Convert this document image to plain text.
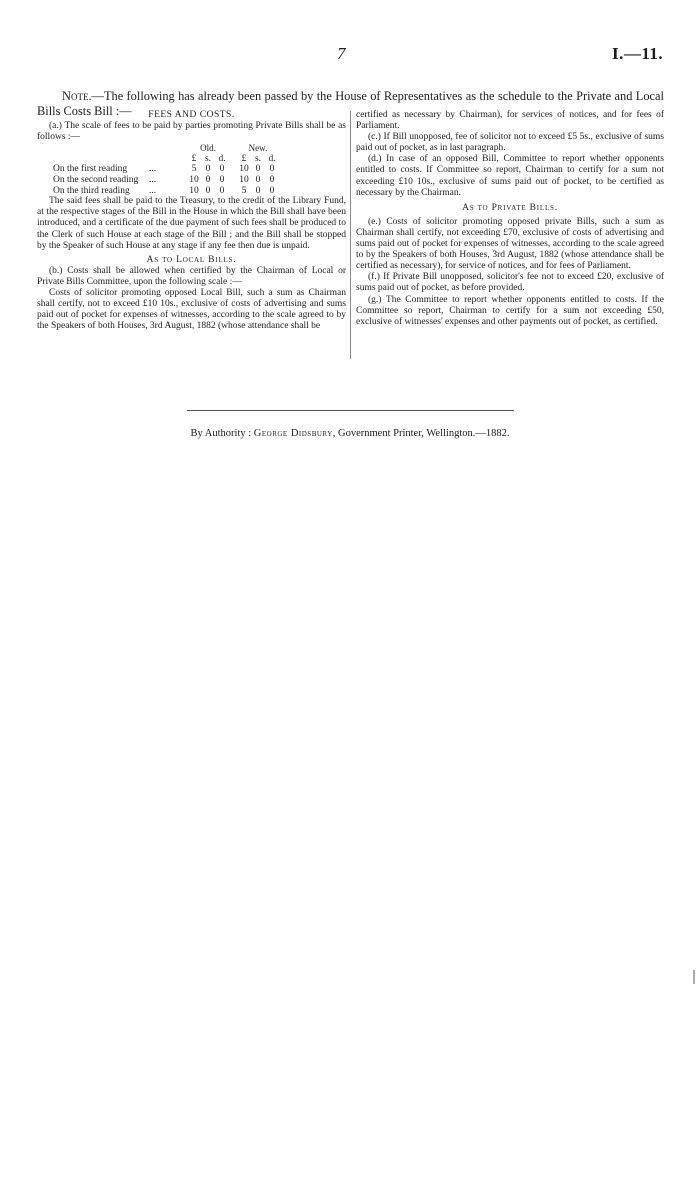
7	I.—11.

Note.—The following has already been passed by the House of Representatives as the schedule to the Private and Local Bills Costs Bill :—	FEES AND COSTS.

(a.) The scale of fees to be paid by parties promoting Private Bills shall be as follows :—

		Old.				New.		
		£	s.	d.		£	s.	d.
On the first reading	...	5	0	0		10	0	0
On the second reading	...	10	0	0		10	0	0
On the third reading	...	10	0	0		5	0	0

The said fees shall be paid to the Treasury, to the credit of the Library Fund, at the respective stages of the Bill in the House in which the Bill shall have been introduced, and a certificate of the due payment of such fees shall be produced to the Clerk of such House at each stage of the Bill ; and the Bill shall be stopped by the Speaker of such House at any stage if any fee then due is unpaid.

As to Local Bills.

(b.) Costs shall be allowed when certified by the Chairman of Local or Private Bills Committee, upon the following scale :—

Costs of solicitor promoting opposed Local Bill, such a sum as Chairman shall certify, not to exceed £10 10s., exclusive of costs of advertising and sums paid out of pocket for expenses of witnesses, according to the scale agreed to by the Speakers of both Houses, 3rd August, 1882 (whose attendance shall be

certified as necessary by Chairman), for services of notices, and for fees of Parliament.

(c.) If Bill unopposed, fee of solicitor not to exceed £5 5s., exclusive of sums paid out of pocket, as in last paragraph.

(d.) In case of an opposed Bill, Committee to report whether opponents entitled to costs. If Committee so report, Chairman to certify for a sum not exceeding £10 10s., exclusive of sums paid out of pocket, to be certified as necessary by the Chairman.

As to Private Bills.

(e.) Costs of solicitor promoting opposed private Bills, such a sum as Chairman shall certify, not exceeding £70, exclusive of costs of advertising and sums paid out of pocket for expenses of witnesses, according to the scale agreed to by the Speakers of both Houses, 3rd August, 1882 (whose attendance shall be certified as necessary), for service of notices, and for fees of Parliament.

(f.) If Private Bill unopposed, solicitor's fee not to exceed £20, exclusive of sums paid out of pocket, as before provided.

(g.) The Committee to report whether opponents entitled to costs. If the Committee so report, Chairman to certify for a sum not exceeding £50, exclusive of witnesses' expenses and other payments out of pocket, as certified.

By Authority : George Didsbury, Government Printer, Wellington.—1882.
